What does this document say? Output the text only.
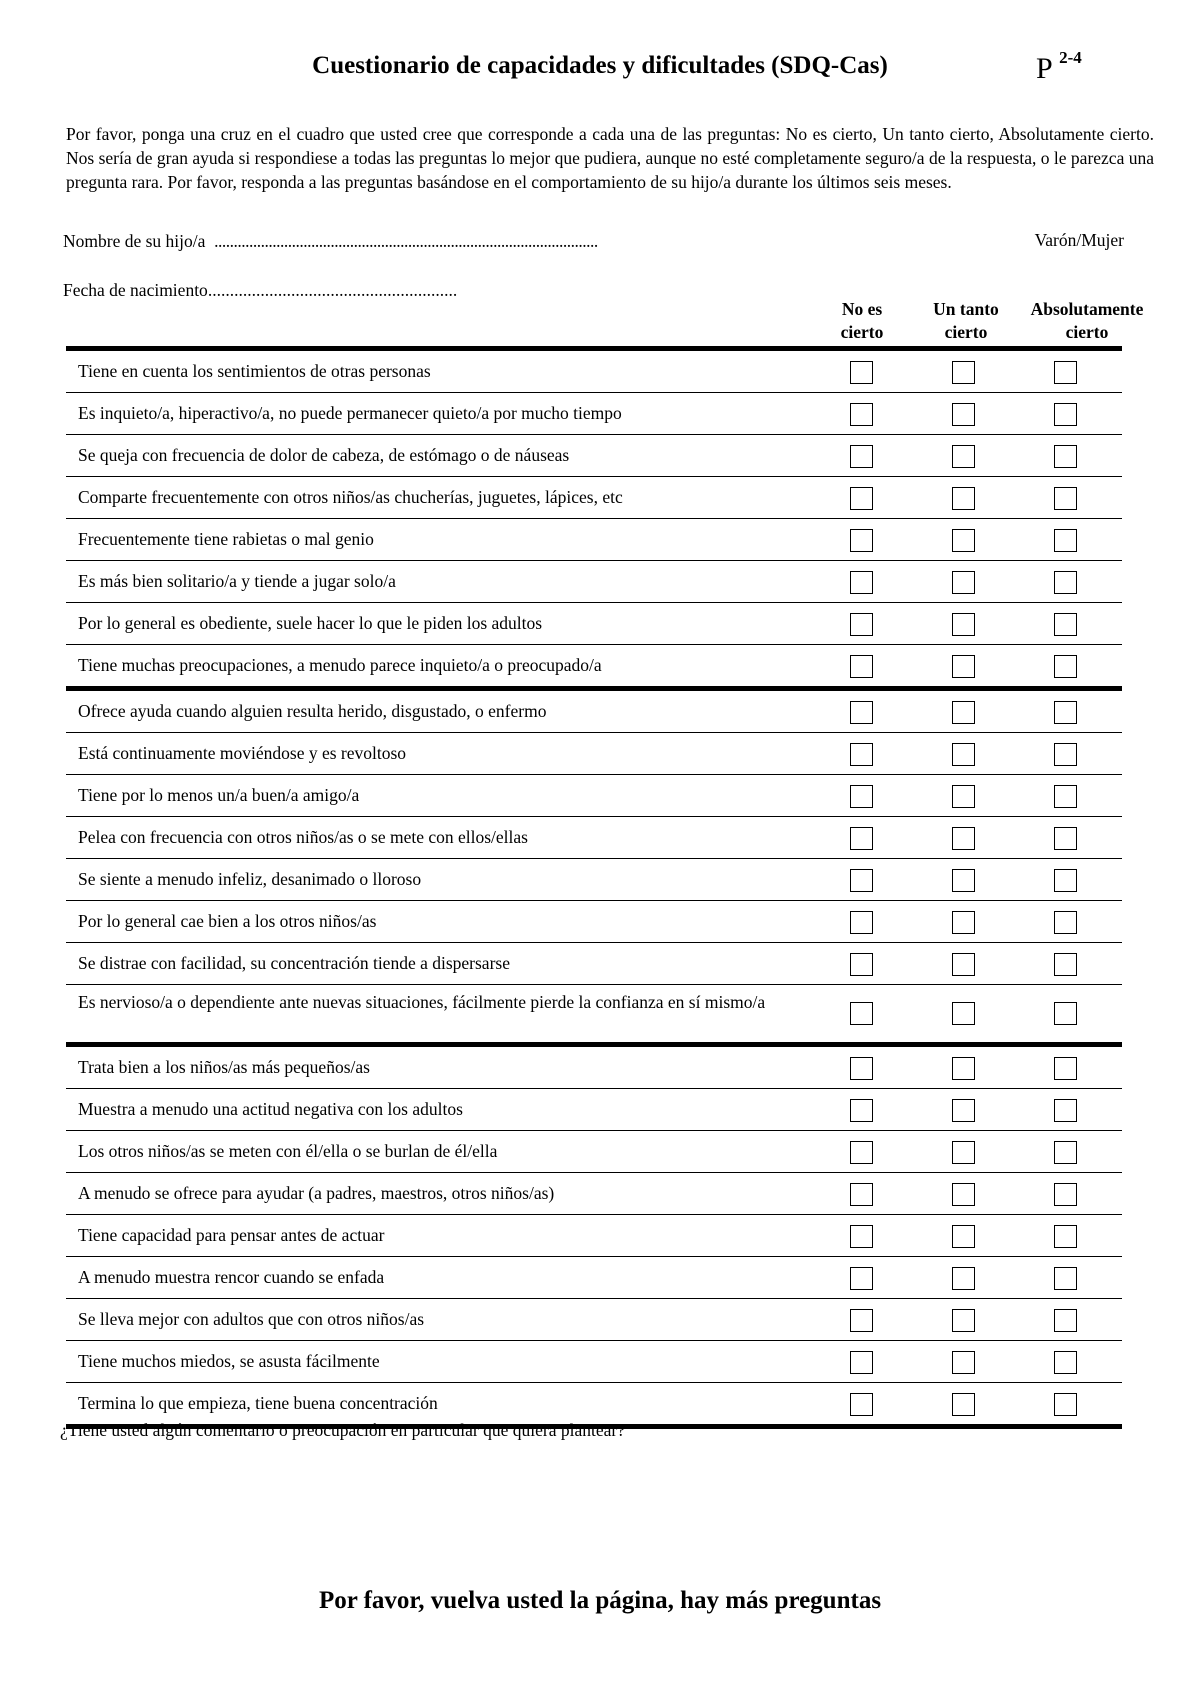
Cuestionario de capacidades y dificultades (SDQ-Cas)	P $^{2-4}$
Por favor, ponga una cruz en el cuadro que usted cree que corresponde a cada una de las preguntas: No es cierto, Un tanto cierto, Absolutamente cierto. Nos sería de gran ayuda si respondiese a todas las preguntas lo mejor que pudiera, aunque no esté completamente seguro/a de la respuesta, o le parezca una pregunta rara. Por favor, responda a las preguntas basándose en el comportamiento de su hijo/a durante los últimos seis meses.
Nombre de su hijo/a ...................................................................................................	Varón/Mujer
Fecha de nacimiento.........................................................
No es
cierto
Un tanto
cierto
Absolutamente
cierto
Tiene en cuenta los sentimientos de otras personas
Es inquieto/a, hiperactivo/a, no puede permanecer quieto/a por mucho tiempo
Se queja con frecuencia de dolor de cabeza, de estómago o de náuseas
Comparte frecuentemente con otros niños/as chucherías, juguetes, lápices, etc
Frecuentemente tiene rabietas o mal genio
Es más bien solitario/a y tiende a jugar solo/a
Por lo general es obediente, suele hacer lo que le piden los adultos
Tiene muchas preocupaciones, a menudo parece inquieto/a o preocupado/a
Ofrece ayuda cuando alguien resulta herido, disgustado, o enfermo
Está continuamente moviéndose y es revoltoso
Tiene por lo menos un/a buen/a amigo/a
Pelea con frecuencia con otros niños/as o se mete con ellos/ellas
Se siente a menudo infeliz, desanimado o lloroso
Por lo general cae bien a los otros niños/as
Se distrae con facilidad, su concentración tiende a dispersarse
Es nervioso/a o dependiente ante nuevas situaciones, fácilmente pierde la confianza en sí mismo/a
Trata bien a los niños/as más pequeños/as
Muestra a menudo una actitud negativa con los adultos
Los otros niños/as se meten con él/ella o se burlan de él/ella
A menudo se ofrece para ayudar (a padres, maestros, otros niños/as)
Tiene capacidad para pensar antes de actuar
A menudo muestra rencor cuando se enfada
Se lleva mejor con adultos que con otros niños/as
Tiene muchos miedos, se asusta fácilmente
Termina lo que empieza, tiene buena concentración
¿Tiene usted algún comentario o preocupación en particular que quiera plantear?
Por favor, vuelva usted la página, hay más preguntas
